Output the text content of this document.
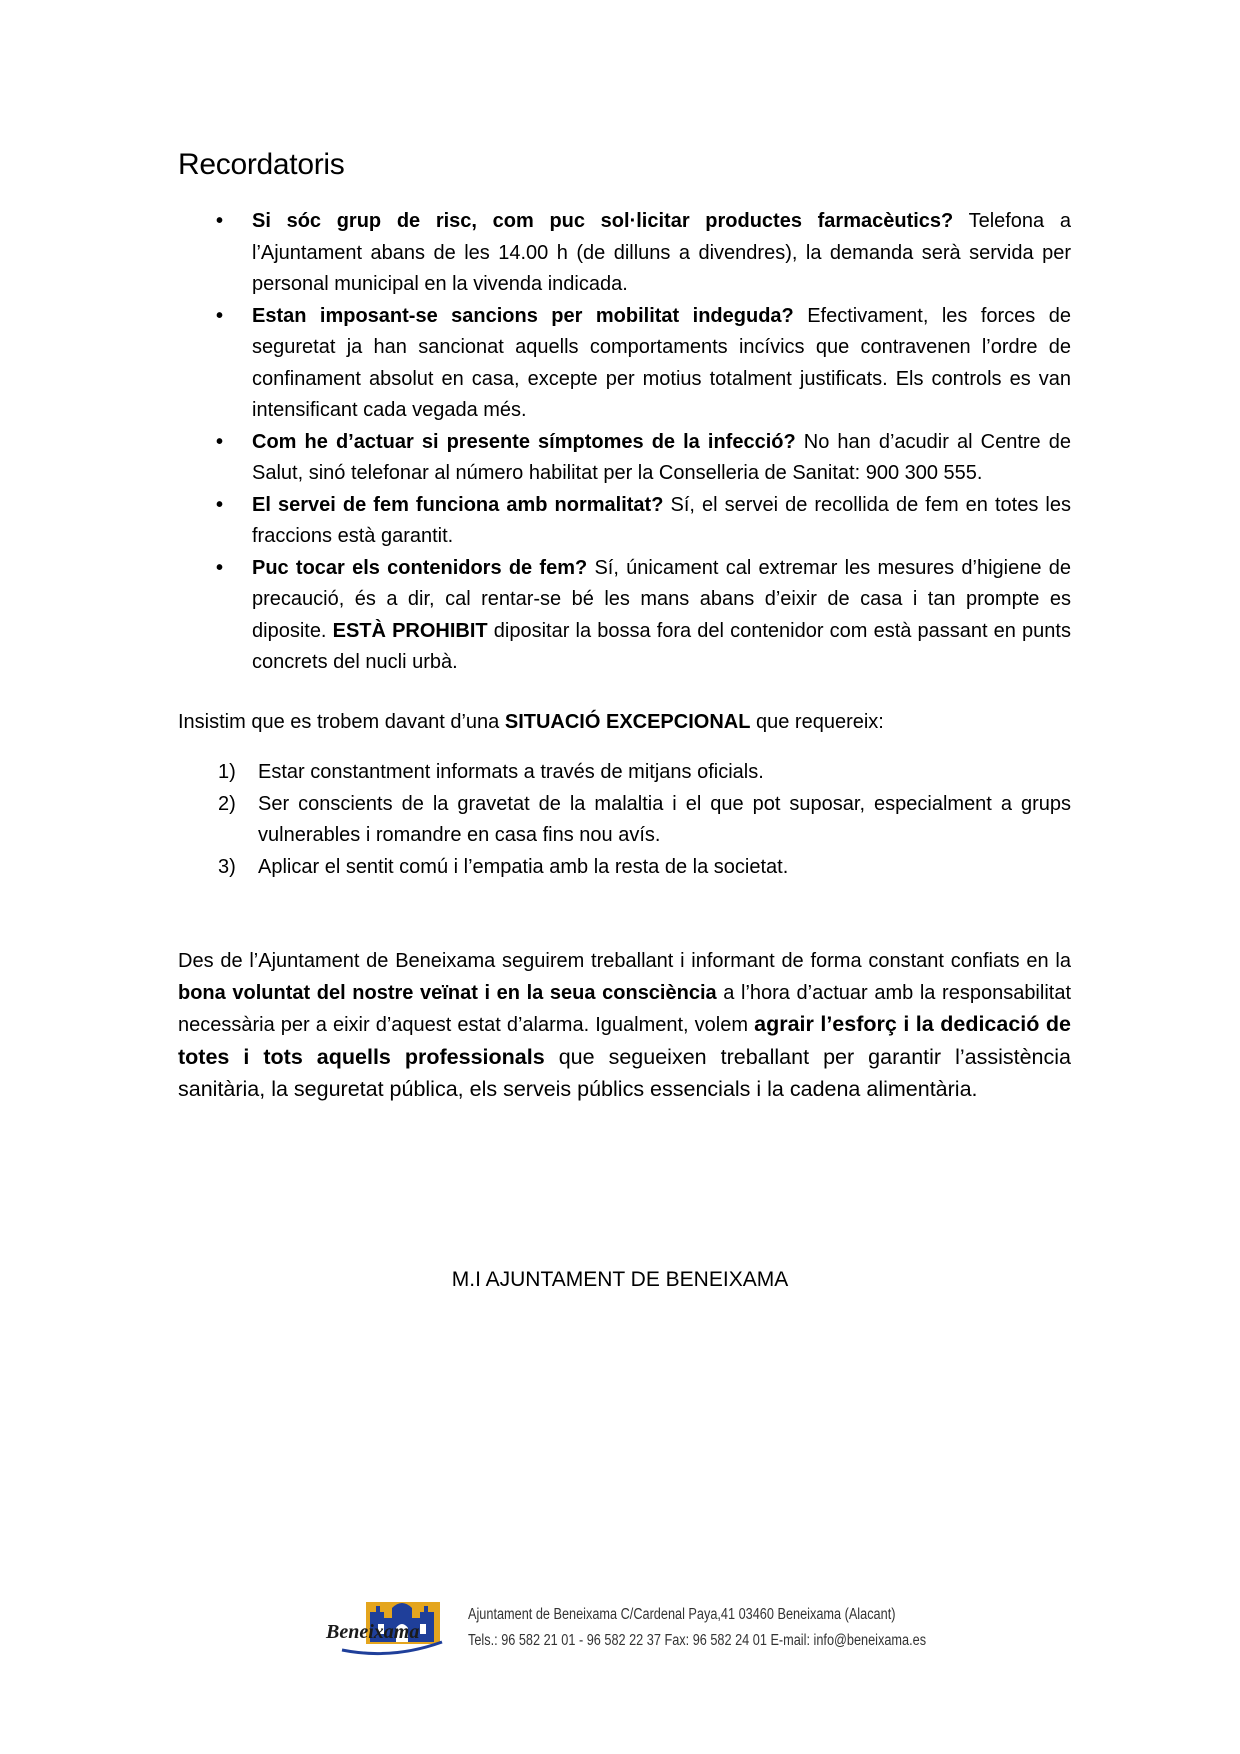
Recordatoris
• Si sóc grup de risc, com puc sol·licitar productes farmacèutics? Telefona a l’Ajuntament abans de les 14.00 h (de dilluns a divendres), la demanda serà servida per personal municipal en la vivenda indicada.
• Estan imposant-se sancions per mobilitat indeguda? Efectivament, les forces de seguretat ja han sancionat aquells comportaments incívics que contravenen l’ordre de confinament absolut en casa, excepte per motius totalment justificats. Els controls es van intensificant cada vegada més.
• Com he d’actuar si presente símptomes de la infecció? No han d’acudir al Centre de Salut, sinó telefonar al número habilitat per la Conselleria de Sanitat: 900 300 555.
• El servei de fem funciona amb normalitat? Sí, el servei de recollida de fem en totes les fraccions està garantit.
• Puc tocar els contenidors de fem? Sí, únicament cal extremar les mesures d’higiene de precaució, és a dir, cal rentar-se bé les mans abans d’eixir de casa i tan prompte es diposite. ESTÀ PROHIBIT dipositar la bossa fora del contenidor com està passant en punts concrets del nucli urbà.

Insistim que es trobem davant d’una SITUACIÓ EXCEPCIONAL que requereix:

1) Estar constantment informats a través de mitjans oficials.
2) Ser conscients de la gravetat de la malaltia i el que pot suposar, especialment a grups vulnerables i romandre en casa fins nou avís.
3) Aplicar el sentit comú i l’empatia amb la resta de la societat.

Des de l’Ajuntament de Beneixama seguirem treballant i informant de forma constant confiats en la bona voluntat del nostre veïnat i en la seua consciència a l’hora d’actuar amb la responsabilitat necessària per a eixir d’aquest estat d’alarma. Igualment, volem agrair l’esforç i la dedicació de totes i tots aquells professionals que segueixen treballant per garantir l’assistència sanitària, la seguretat pública, els serveis públics essencials i la cadena alimentària.

M.I AJUNTAMENT DE BENEIXAMA

Beneixama
Ajuntament de Beneixama C/Cardenal Paya,41 03460 Beneixama (Alacant)
Tels.: 96 582 21 01 - 96 582 22 37 Fax: 96 582 24 01 E-mail: info@beneixama.es
